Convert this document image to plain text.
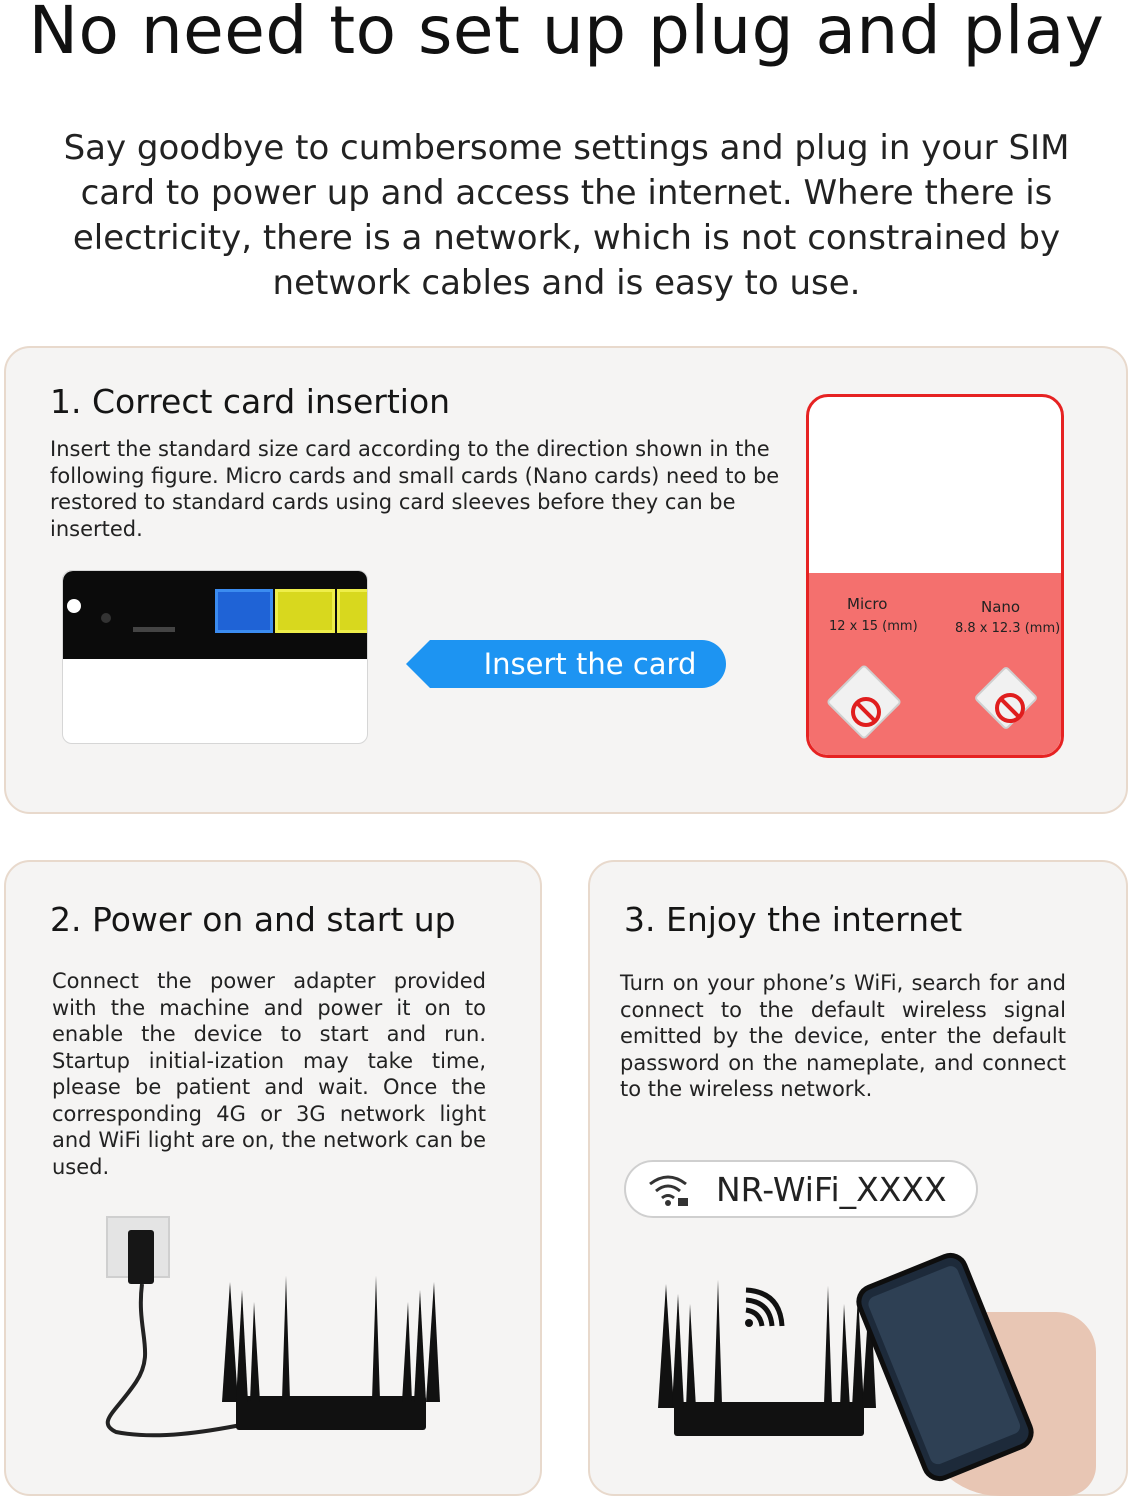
No need to set up plug and play
Say goodbye to cumbersome settings and plug in your SIM card to power up and access the internet. Where there is electricity, there is a network, which is not constrained by network cables and is easy to use.
1. Correct card insertion
Insert the standard size card according to the direction shown in the following figure. Micro cards and small cards (Nano cards) need to be restored to standard cards using card sleeves before they can be inserted.
Insert the card
Micro
12 x 15 (mm)
Nano
8.8 x 12.3 (mm)
2. Power on and start up
Connect the power adapter provided with the machine and power it on to enable the device to start and run. Startup initial-ization may take time, please be patient and wait. Once the corresponding 4G or 3G network light and WiFi light are on, the network can be used.
3. Enjoy the internet
Turn on your phone’s WiFi, search for and connect to the default wireless signal emitted by the device, enter the default password on the nameplate, and connect to the wireless network.
NR-WiFi_XXXX
